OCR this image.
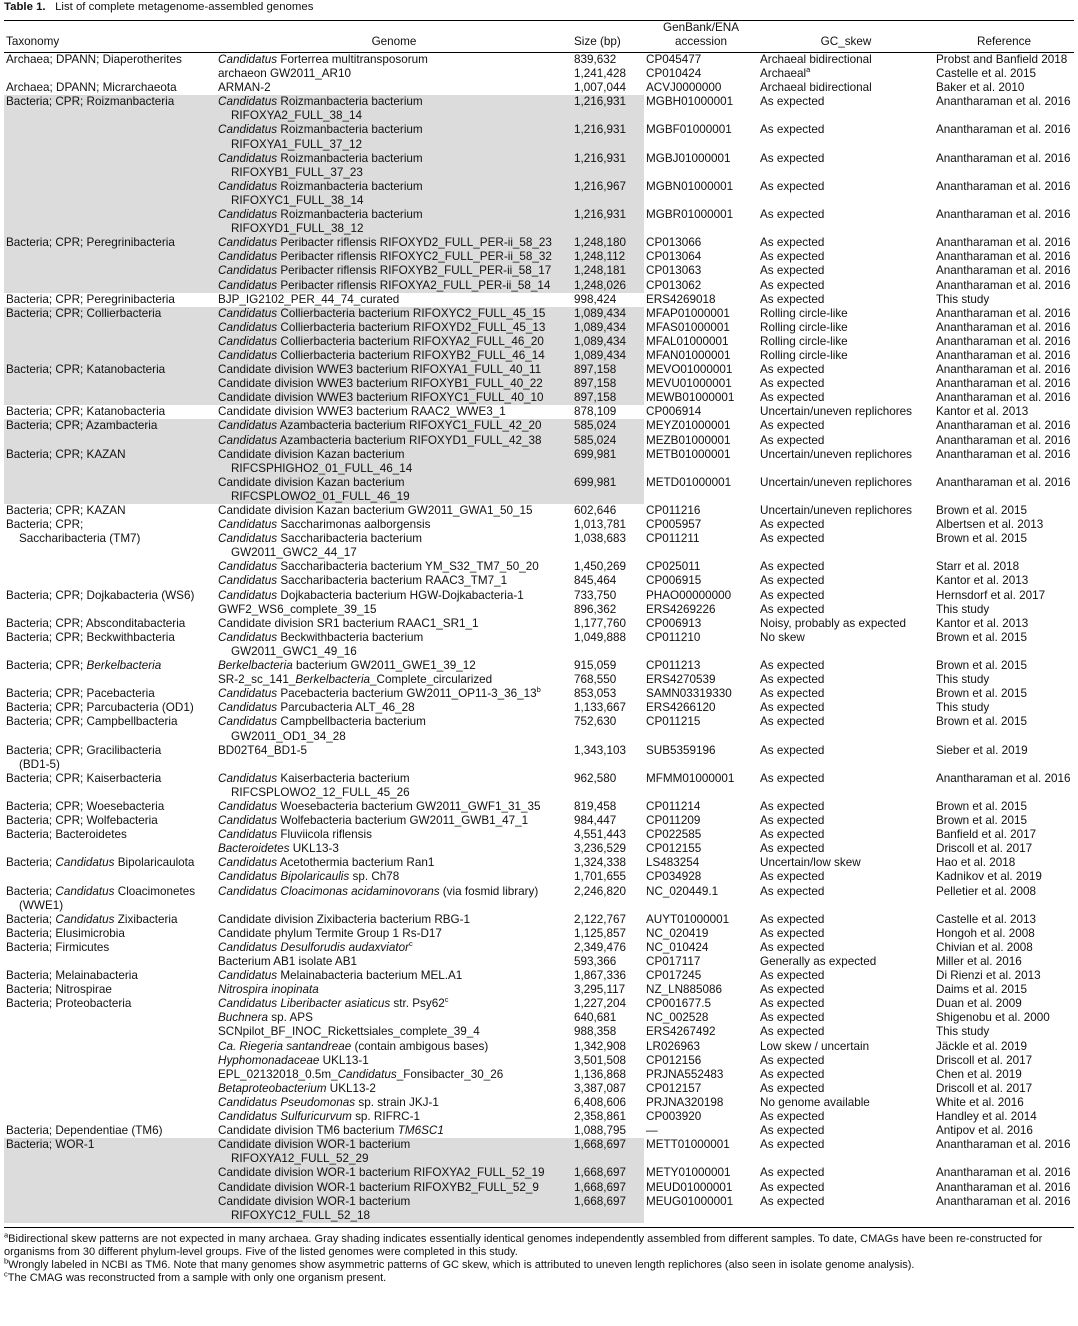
Table 1. List of complete metagenome-assembled genomes
Taxonomy	Genome	Size (bp)	GenBank/ENA accession	GC_skew	Reference
Archaea; DPANN; Diaperotherites	Candidatus Forterrea multitransposorum	839,632	CP045477	Archaeal bidirectional	Probst and Banfield 2018
	archaeon GW2011_AR10	1,241,428	CP010424	Archaeal$^a$	Castelle et al. 2015
Archaea; DPANN; Micrarchaeota	ARMAN-2	1,007,044	ACVJ0000000	Archaeal bidirectional	Baker et al. 2010
Bacteria; CPR; Roizmanbacteria	Candidatus Roizmanbacteria bacterium
RIFOXYA2_FULL_38_14	1,216,931	MGBH01000001	As expected	Anantharaman et al. 2016
	Candidatus Roizmanbacteria bacterium
RIFOXYA1_FULL_37_12	1,216,931	MGBF01000001	As expected	Anantharaman et al. 2016
	Candidatus Roizmanbacteria bacterium
RIFOXYB1_FULL_37_23	1,216,931	MGBJ01000001	As expected	Anantharaman et al. 2016
	Candidatus Roizmanbacteria bacterium
RIFOXYC1_FULL_38_14	1,216,967	MGBN01000001	As expected	Anantharaman et al. 2016
	Candidatus Roizmanbacteria bacterium
RIFOXYD1_FULL_38_12	1,216,931	MGBR01000001	As expected	Anantharaman et al. 2016
Bacteria; CPR; Peregrinibacteria	Candidatus Peribacter riflensis RIFOXYD2_FULL_PER-ii_58_23	1,248,180	CP013066	As expected	Anantharaman et al. 2016
	Candidatus Peribacter riflensis RIFOXYC2_FULL_PER-ii_58_32	1,248,112	CP013064	As expected	Anantharaman et al. 2016
	Candidatus Peribacter riflensis RIFOXYB2_FULL_PER-ii_58_17	1,248,181	CP013063	As expected	Anantharaman et al. 2016
	Candidatus Peribacter riflensis RIFOXYA2_FULL_PER-ii_58_14	1,248,026	CP013062	As expected	Anantharaman et al. 2016
Bacteria; CPR; Peregrinibacteria	BJP_IG2102_PER_44_74_curated	998,424	ERS4269018	As expected	This study
Bacteria; CPR; Collierbacteria	Candidatus Collierbacteria bacterium RIFOXYC2_FULL_45_15	1,089,434	MFAP01000001	Rolling circle-like	Anantharaman et al. 2016
	Candidatus Collierbacteria bacterium RIFOXYD2_FULL_45_13	1,089,434	MFAS01000001	Rolling circle-like	Anantharaman et al. 2016
	Candidatus Collierbacteria bacterium RIFOXYA2_FULL_46_20	1,089,434	MFAL01000001	Rolling circle-like	Anantharaman et al. 2016
	Candidatus Collierbacteria bacterium RIFOXYB2_FULL_46_14	1,089,434	MFAN01000001	Rolling circle-like	Anantharaman et al. 2016
Bacteria; CPR; Katanobacteria	Candidate division WWE3 bacterium RIFOXYA1_FULL_40_11	897,158	MEVO01000001	As expected	Anantharaman et al. 2016
	Candidate division WWE3 bacterium RIFOXYB1_FULL_40_22	897,158	MEVU01000001	As expected	Anantharaman et al. 2016
	Candidate division WWE3 bacterium RIFOXYC1_FULL_40_10	897,158	MEWB01000001	As expected	Anantharaman et al. 2016
Bacteria; CPR; Katanobacteria	Candidate division WWE3 bacterium RAAC2_WWE3_1	878,109	CP006914	Uncertain/uneven replichores	Kantor et al. 2013
Bacteria; CPR; Azambacteria	Candidatus Azambacteria bacterium RIFOXYC1_FULL_42_20	585,024	MEYZ01000001	As expected	Anantharaman et al. 2016
	Candidatus Azambacteria bacterium RIFOXYD1_FULL_42_38	585,024	MEZB01000001	As expected	Anantharaman et al. 2016
Bacteria; CPR; KAZAN	Candidate division Kazan bacterium
RIFCSPHIGHO2_01_FULL_46_14	699,981	METB01000001	Uncertain/uneven replichores	Anantharaman et al. 2016
	Candidate division Kazan bacterium
RIFCSPLOWO2_01_FULL_46_19	699,981	METD01000001	Uncertain/uneven replichores	Anantharaman et al. 2016
Bacteria; CPR; KAZAN	Candidate division Kazan bacterium GW2011_GWA1_50_15	602,646	CP011216	Uncertain/uneven replichores	Brown et al. 2015
Bacteria; CPR;	Candidatus Saccharimonas aalborgensis	1,013,781	CP005957	As expected	Albertsen et al. 2013
Saccharibacteria (TM7)	Candidatus Saccharibacteria bacterium
GW2011_GWC2_44_17	1,038,683	CP011211	As expected	Brown et al. 2015
	Candidatus Saccharibacteria bacterium YM_S32_TM7_50_20	1,450,269	CP025011	As expected	Starr et al. 2018
	Candidatus Saccharibacteria bacterium RAAC3_TM7_1	845,464	CP006915	As expected	Kantor et al. 2013
Bacteria; CPR; Dojkabacteria (WS6)	Candidatus Dojkabacteria bacterium HGW-Dojkabacteria-1	733,750	PHAO00000000	As expected	Hernsdorf et al. 2017
	GWF2_WS6_complete_39_15	896,362	ERS4269226	As expected	This study
Bacteria; CPR; Absconditabacteria	Candidate division SR1 bacterium RAAC1_SR1_1	1,177,760	CP006913	Noisy, probably as expected	Kantor et al. 2013
Bacteria; CPR; Beckwithbacteria	Candidatus Beckwithbacteria bacterium
GW2011_GWC1_49_16	1,049,888	CP011210	No skew	Brown et al. 2015
Bacteria; CPR; Berkelbacteria	Berkelbacteria bacterium GW2011_GWE1_39_12	915,059	CP011213	As expected	Brown et al. 2015
	SR-2_sc_141_Berkelbacteria_Complete_circularized	768,550	ERS4270539	As expected	This study
Bacteria; CPR; Pacebacteria	Candidatus Pacebacteria bacterium GW2011_OP11-3_36_13$^b$	853,053	SAMN03319330	As expected	Brown et al. 2015
Bacteria; CPR; Parcubacteria (OD1)	Candidatus Parcubacteria ALT_46_28	1,133,667	ERS4266120	As expected	This study
Bacteria; CPR; Campbellbacteria	Candidatus Campbellbacteria bacterium
GW2011_OD1_34_28	752,630	CP011215	As expected	Brown et al. 2015
Bacteria; CPR; Gracilibacteria
(BD1-5)	BD02T64_BD1-5	1,343,103	SUB5359196	As expected	Sieber et al. 2019
Bacteria; CPR; Kaiserbacteria	Candidatus Kaiserbacteria bacterium
RIFCSPLOWO2_12_FULL_45_26	962,580	MFMM01000001	As expected	Anantharaman et al. 2016
Bacteria; CPR; Woesebacteria	Candidatus Woesebacteria bacterium GW2011_GWF1_31_35	819,458	CP011214	As expected	Brown et al. 2015
Bacteria; CPR; Wolfebacteria	Candidatus Wolfebacteria bacterium GW2011_GWB1_47_1	984,447	CP011209	As expected	Brown et al. 2015
Bacteria; Bacteroidetes	Candidatus Fluviicola riflensis	4,551,443	CP022585	As expected	Banfield et al. 2017
	Bacteroidetes UKL13-3	3,236,529	CP012155	As expected	Driscoll et al. 2017
Bacteria; Candidatus Bipolaricaulota	Candidatus Acetothermia bacterium Ran1	1,324,338	LS483254	Uncertain/low skew	Hao et al. 2018
	Candidatus Bipolaricaulis sp. Ch78	1,701,655	CP034928	As expected	Kadnikov et al. 2019
Bacteria; Candidatus Cloacimonetes
(WWE1)	Candidatus Cloacimonas acidaminovorans (via fosmid library)	2,246,820	NC_020449.1	As expected	Pelletier et al. 2008
Bacteria; Candidatus Zixibacteria	Candidate division Zixibacteria bacterium RBG-1	2,122,767	AUYT01000001	As expected	Castelle et al. 2013
Bacteria; Elusimicrobia	Candidate phylum Termite Group 1 Rs-D17	1,125,857	NC_020419	As expected	Hongoh et al. 2008
Bacteria; Firmicutes	Candidatus Desulforudis audaxviator$^c$	2,349,476	NC_010424	As expected	Chivian et al. 2008
	Bacterium AB1 isolate AB1	593,366	CP017117	Generally as expected	Miller et al. 2016
Bacteria; Melainabacteria	Candidatus Melainabacteria bacterium MEL.A1	1,867,336	CP017245	As expected	Di Rienzi et al. 2013
Bacteria; Nitrospirae	Nitrospira inopinata	3,295,117	NZ_LN885086	As expected	Daims et al. 2015
Bacteria; Proteobacteria	Candidatus Liberibacter asiaticus str. Psy62$^c$	1,227,204	CP001677.5	As expected	Duan et al. 2009
	Buchnera sp. APS	640,681	NC_002528	As expected	Shigenobu et al. 2000
	SCNpilot_BF_INOC_Rickettsiales_complete_39_4	988,358	ERS4267492	As expected	This study
	Ca. Riegeria santandreae (contain ambigous bases)	1,342,908	LR026963	Low skew / uncertain	Jäckle et al. 2019
	Hyphomonadaceae UKL13-1	3,501,508	CP012156	As expected	Driscoll et al. 2017
	EPL_02132018_0.5m_Candidatus_Fonsibacter_30_26	1,136,868	PRJNA552483	As expected	Chen et al. 2019
	Betaproteobacterium UKL13-2	3,387,087	CP012157	As expected	Driscoll et al. 2017
	Candidatus Pseudomonas sp. strain JKJ-1	6,408,606	PRJNA320198	No genome available	White et al. 2016
	Candidatus Sulfuricurvum sp. RIFRC-1	2,358,861	CP003920	As expected	Handley et al. 2014
Bacteria; Dependentiae (TM6)	Candidate division TM6 bacterium TM6SC1	1,088,795	—	As expected	Antipov et al. 2016
Bacteria; WOR-1	Candidate division WOR-1 bacterium
RIFOXYA12_FULL_52_29	1,668,697	METT01000001	As expected	Anantharaman et al. 2016
	Candidate division WOR-1 bacterium RIFOXYA2_FULL_52_19	1,668,697	METY01000001	As expected	Anantharaman et al. 2016
	Candidate division WOR-1 bacterium RIFOXYB2_FULL_52_9	1,668,697	MEUD01000001	As expected	Anantharaman et al. 2016
	Candidate division WOR-1 bacterium
RIFOXYC12_FULL_52_18	1,668,697	MEUG01000001	As expected	Anantharaman et al. 2016
$^a$Bidirectional skew patterns are not expected in many archaea. Gray shading indicates essentially identical genomes independently assembled from different samples. To date, CMAGs have been re-constructed for organisms from 30 different phylum-level groups. Five of the listed genomes were completed in this study.
$^b$Wrongly labeled in NCBI as TM6. Note that many genomes show asymmetric patterns of GC skew, which is attributed to uneven length replichores (also seen in isolate genome analysis).
$^c$The CMAG was reconstructed from a sample with only one organism present.
